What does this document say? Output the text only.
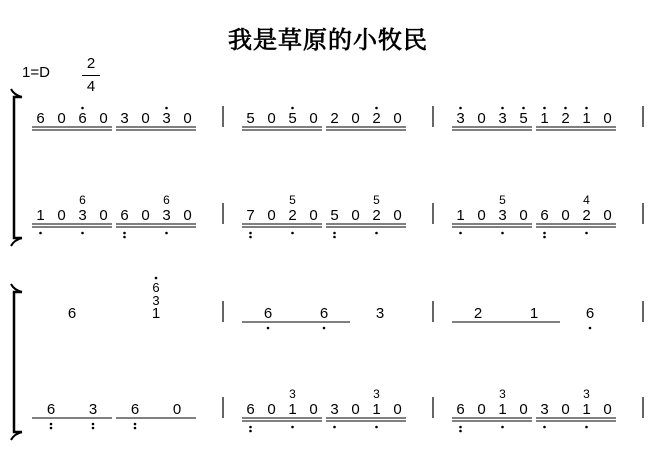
我是草原的小牧民
1=D
2
4
6 0 6 0 3 0 3 0	5 0 5 0 2 0 2 0	3 0 3 5 1 2 1 0
1 0 3
6
0 6 0 3
6
0	7 0 2
5
0 5 0 2
5
0	1 0 3
5
0 6 0 2
4
0
6	1
3
6
6	6	3	2	1	6
6 3 6 0	6 0 1
3
0 3 0 1
3
0	6 0 1
3
0 3 0 1
3
0
